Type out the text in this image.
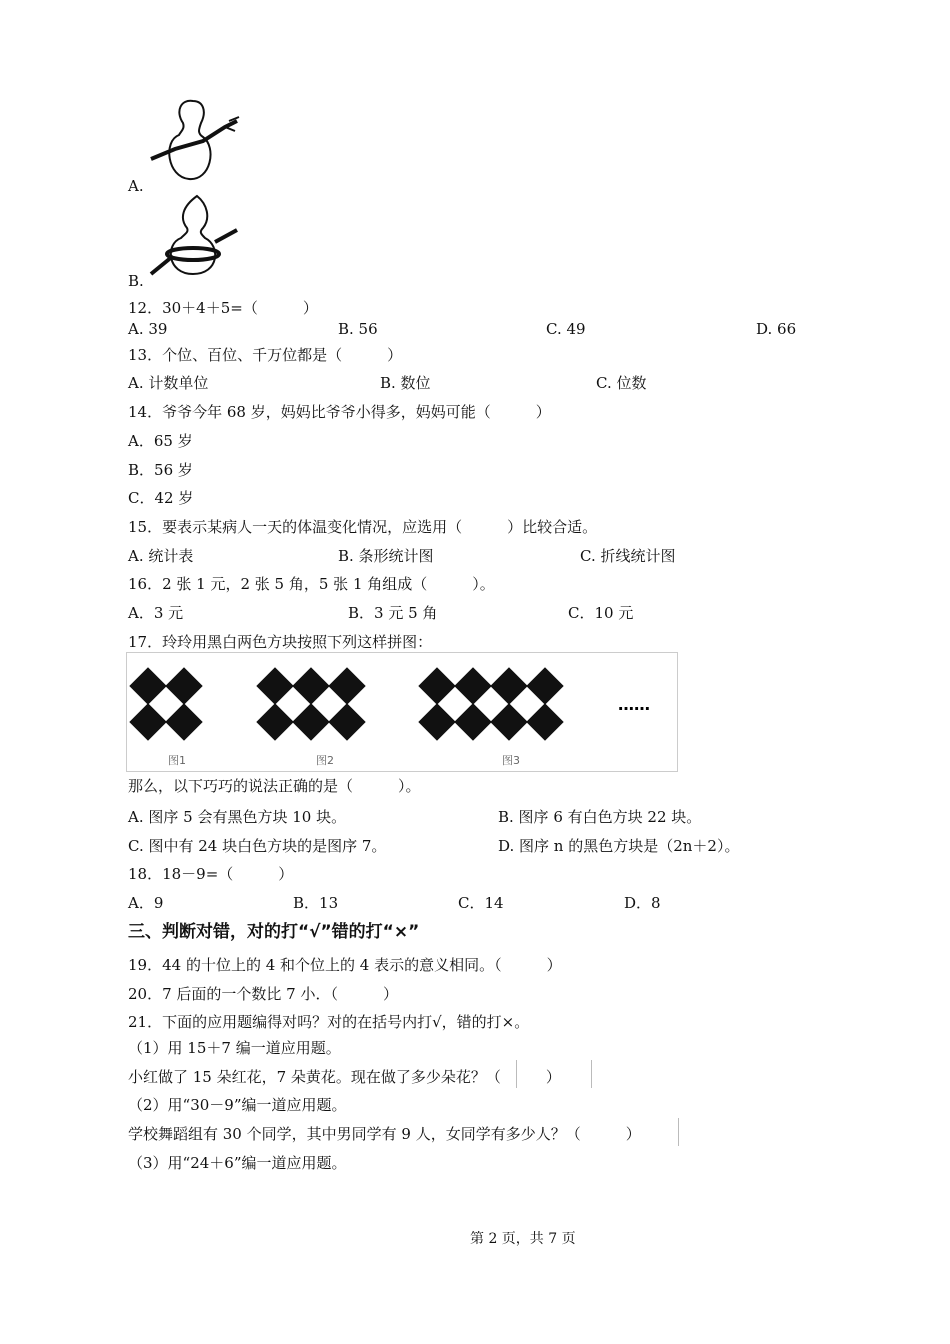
A.
B.
12．30＋4＋5=（　　　）
A. 39	B. 56	C. 49	D. 66
13．个位、百位、千万位都是（　　　）
A. 计数单位	B. 数位	C. 位数
14．爷爷今年 68 岁，妈妈比爷爷小得多，妈妈可能（　　　）
A．65 岁
B．56 岁
C．42 岁
15．要表示某病人一天的体温变化情况，应选用（　　　）比较合适。
A. 统计表	B. 条形统计图	C. 折线统计图
16．2 张 1 元，2 张 5 角，5 张 1 角组成（　　　）。
A．3 元	B．3 元 5 角	C．10 元
17．玲玲用黑白两色方块按照下列这样拼图：
……
图1	图2	图3
那么，以下巧巧的说法正确的是（　　　）。
A. 图序 5 会有黑色方块 10 块。	B. 图序 6 有白色方块 22 块。
C. 图中有 24 块白色方块的是图序 7。	D. 图序 n 的黑色方块是（2n＋2）。
18．18－9=（　　　）
A．9	B．13	C．14	D．8
三、判断对错，对的打“√”错的打“×”
19．44 的十位上的 4 和个位上的 4 表示的意义相同。（　　　）
20．7 后面的一个数比 7 小．（　　　）
21．下面的应用题编得对吗？对的在括号内打√，错的打×。
（1）用 15＋7 编一道应用题。
小红做了 15 朵红花，7 朵黄花。现在做了多少朵花？（　　　）
（2）用“30－9”编一道应用题。
学校舞蹈组有 30 个同学，其中男同学有 9 人，女同学有多少人？（　　　）
（3）用“24＋6”编一道应用题。
第 2 页，共 7 页
